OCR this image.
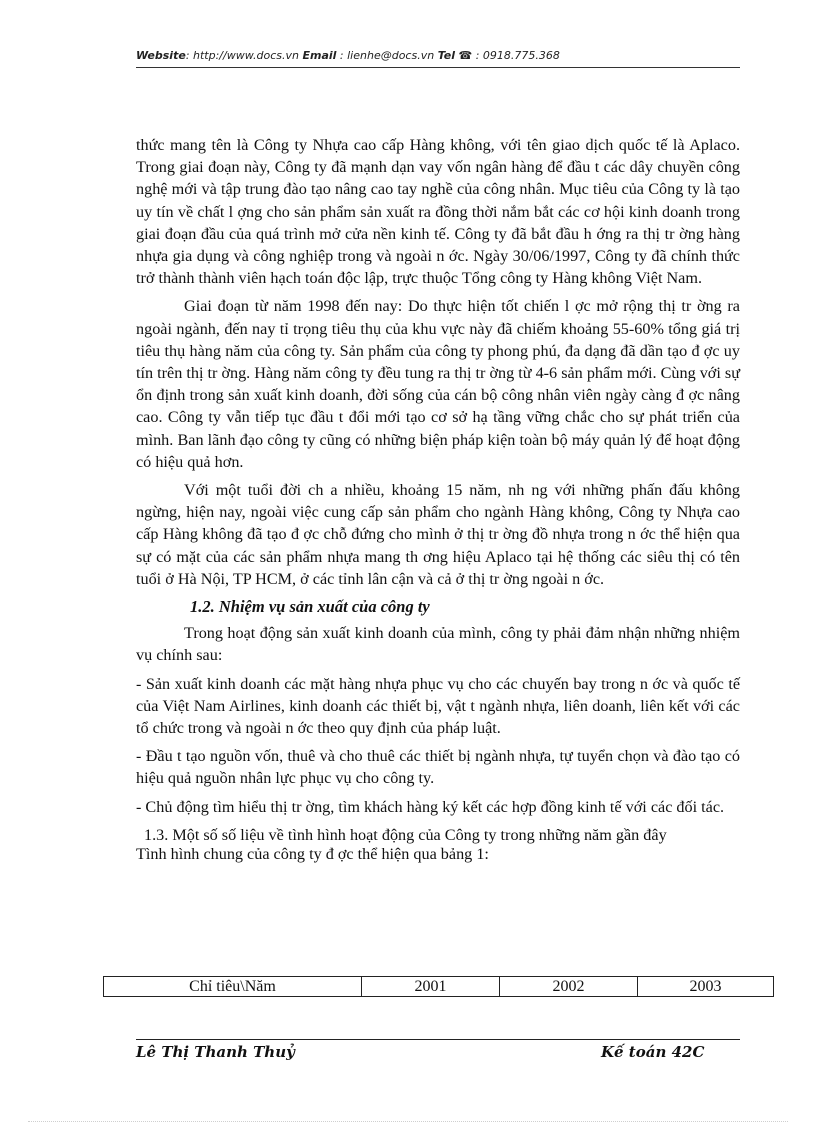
Website: http://www.docs.vn Email : lienhe@docs.vn Tel ☎ : 0918.775.368

thức mang tên là Công ty Nhựa cao cấp Hàng không, với tên giao dịch quốc tế là Aplaco. Trong giai đoạn này, Công ty đã mạnh dạn vay vốn ngân hàng để đầu t các dây chuyền công nghệ mới và tập trung đào tạo nâng cao tay nghề của công nhân. Mục tiêu của Công ty là tạo uy tín về chất l ợng cho sản phẩm sản xuất ra đồng thời nắm bắt các cơ hội kinh doanh trong giai đoạn đầu của quá trình mở cửa nền kinh tế. Công ty đã bắt đầu h ớng ra thị tr ờng hàng nhựa gia dụng và công nghiệp trong và ngoài n ớc. Ngày 30/06/1997, Công ty đã chính thức trở thành thành viên hạch toán độc lập, trực thuộc Tổng công ty Hàng không Việt Nam.

Giai đoạn từ năm 1998 đến nay: Do thực hiện tốt chiến l ợc mở rộng thị tr ờng ra ngoài ngành, đến nay tỉ trọng tiêu thụ của khu vực này đã chiếm khoảng 55-60% tổng giá trị tiêu thụ hàng năm của công ty. Sản phẩm của công ty phong phú, đa dạng đã dần tạo đ ợc uy tín trên thị tr ờng. Hàng năm công ty đều tung ra thị tr ờng từ 4-6 sản phẩm mới. Cùng với sự ổn định trong sản xuất kinh doanh, đời sống của cán bộ công nhân viên ngày càng đ ợc nâng cao. Công ty vẫn tiếp tục đầu t đổi mới tạo cơ sở hạ tầng vững chắc cho sự phát triển của mình. Ban lãnh đạo công ty cũng có những biện pháp kiện toàn bộ máy quản lý để hoạt động có hiệu quả hơn.

Với một tuổi đời ch a nhiều, khoảng 15 năm, nh ng với những phấn đấu không ngừng, hiện nay, ngoài việc cung cấp sản phẩm cho ngành Hàng không, Công ty Nhựa cao cấp Hàng không đã tạo đ ợc chỗ đứng cho mình ở thị tr ờng đồ nhựa trong n ớc thể hiện qua sự có mặt của các sản phẩm nhựa mang th ơng hiệu Aplaco tại hệ thống các siêu thị có tên tuổi ở Hà Nội, TP HCM, ở các tỉnh lân cận và cả ở thị tr ờng ngoài n ớc.

1.2. Nhiệm vụ sản xuất của công ty

Trong hoạt động sản xuất kinh doanh của mình, công ty phải đảm nhận những nhiệm vụ chính sau:

- Sản xuất kinh doanh các mặt hàng nhựa phục vụ cho các chuyến bay trong n ớc và quốc tế của Việt Nam Airlines, kinh doanh các thiết bị, vật t ngành nhựa, liên doanh, liên kết với các tổ chức trong và ngoài n ớc theo quy định của pháp luật.

- Đầu t tạo nguồn vốn, thuê và cho thuê các thiết bị ngành nhựa, tự tuyển chọn và đào tạo có hiệu quả nguồn nhân lực phục vụ cho công ty.

- Chủ động tìm hiểu thị tr ờng, tìm khách hàng ký kết các hợp đồng kinh tế với các đối tác.

1.3. Một số số liệu về tình hình hoạt động của Công ty trong những năm gần đây

Tình hình chung của công ty đ ợc thể hiện qua bảng 1:

Chỉ tiêu\Năm	2001	2002	2003
Lê Thị Thanh Thuỷ	Kế toán 42C
